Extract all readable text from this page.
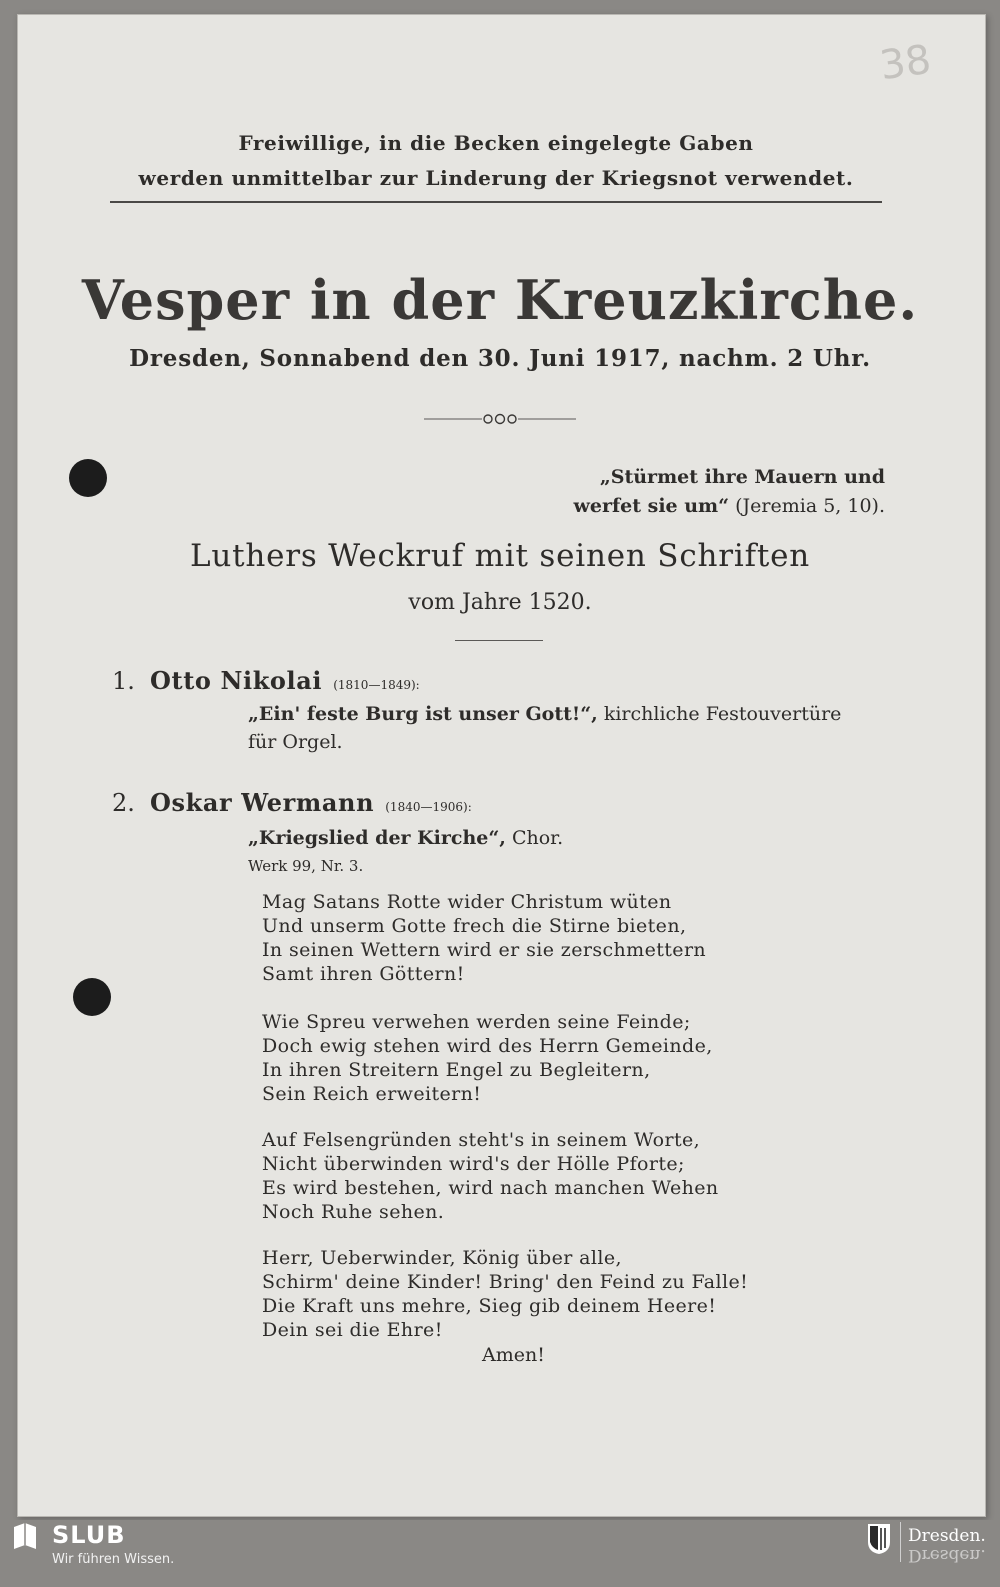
38
Freiwillige, in die Becken eingelegte Gaben
werden unmittelbar zur Linderung der Kriegsnot verwendet.
Vesper in der Kreuzkirche.
Dresden, Sonnabend den 30. Juni 1917, nachm. 2 Uhr.
„Stürmet ihre Mauern und
werfet sie um“ (Jeremia 5, 10).
Luthers Weckruf mit seinen Schriften
vom Jahre 1520.
1. Otto Nikolai (1810—1849):
„Ein' feste Burg ist unser Gott!“, kirchliche Festouvertüre
für Orgel.
2. Oskar Wermann (1840—1906):
„Kriegslied der Kirche“, Chor.
Werk 99, Nr. 3.
Mag Satans Rotte wider Christum wüten
Und unserm Gotte frech die Stirne bieten,
In seinen Wettern wird er sie zerschmettern
Samt ihren Göttern!
Wie Spreu verwehen werden seine Feinde;
Doch ewig stehen wird des Herrn Gemeinde,
In ihren Streitern Engel zu Begleitern,
Sein Reich erweitern!
Auf Felsengründen steht's in seinem Worte,
Nicht überwinden wird's der Hölle Pforte;
Es wird bestehen, wird nach manchen Wehen
Noch Ruhe sehen.
Herr, Ueberwinder, König über alle,
Schirm' deine Kinder! Bring' den Feind zu Falle!
Die Kraft uns mehre, Sieg gib deinem Heere!
Dein sei die Ehre!
Amen!
SLUB
Wir führen Wissen.
Dresden.
Dresden.
